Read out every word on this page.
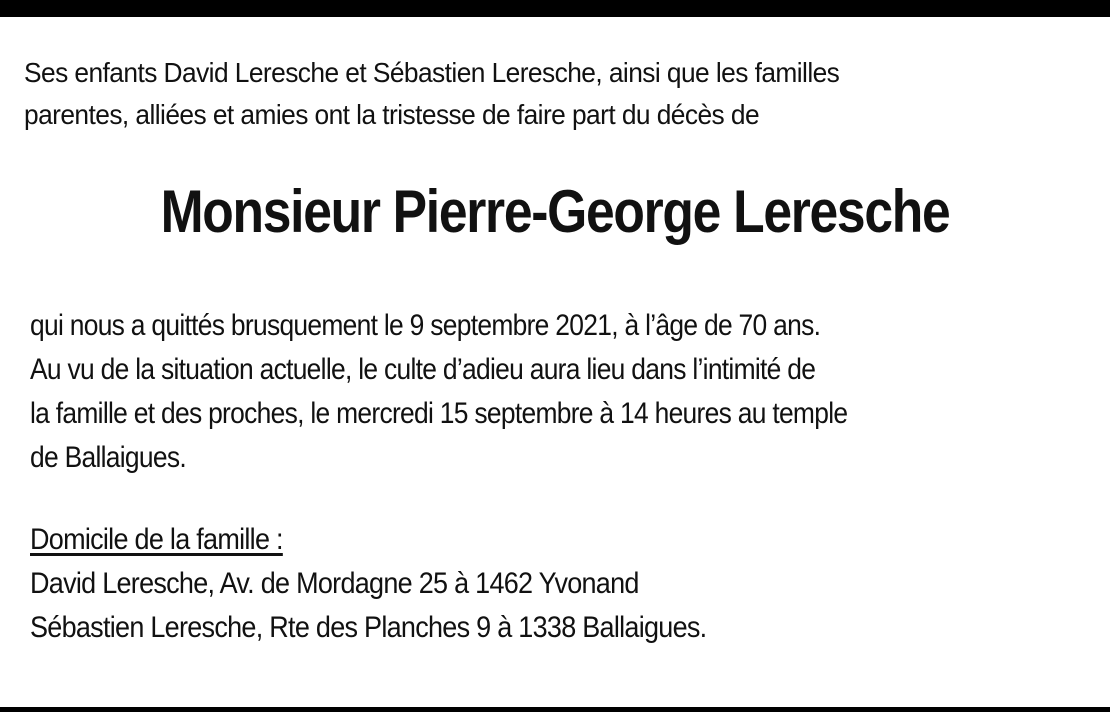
Ses enfants David Leresche et Sébastien Leresche, ainsi que les familles
parentes, alliées et amies ont la tristesse de faire part du décès de

Monsieur Pierre-George Leresche

qui nous a quittés brusquement le 9 septembre 2021, à l’âge de 70 ans.
Au vu de la situation actuelle, le culte d’adieu aura lieu dans l’intimité de
la famille et des proches, le mercredi 15 septembre à 14 heures au temple
de Ballaigues.

Domicile de la famille :
David Leresche, Av. de Mordagne 25 à 1462 Yvonand
Sébastien Leresche, Rte des Planches 9 à 1338 Ballaigues.
